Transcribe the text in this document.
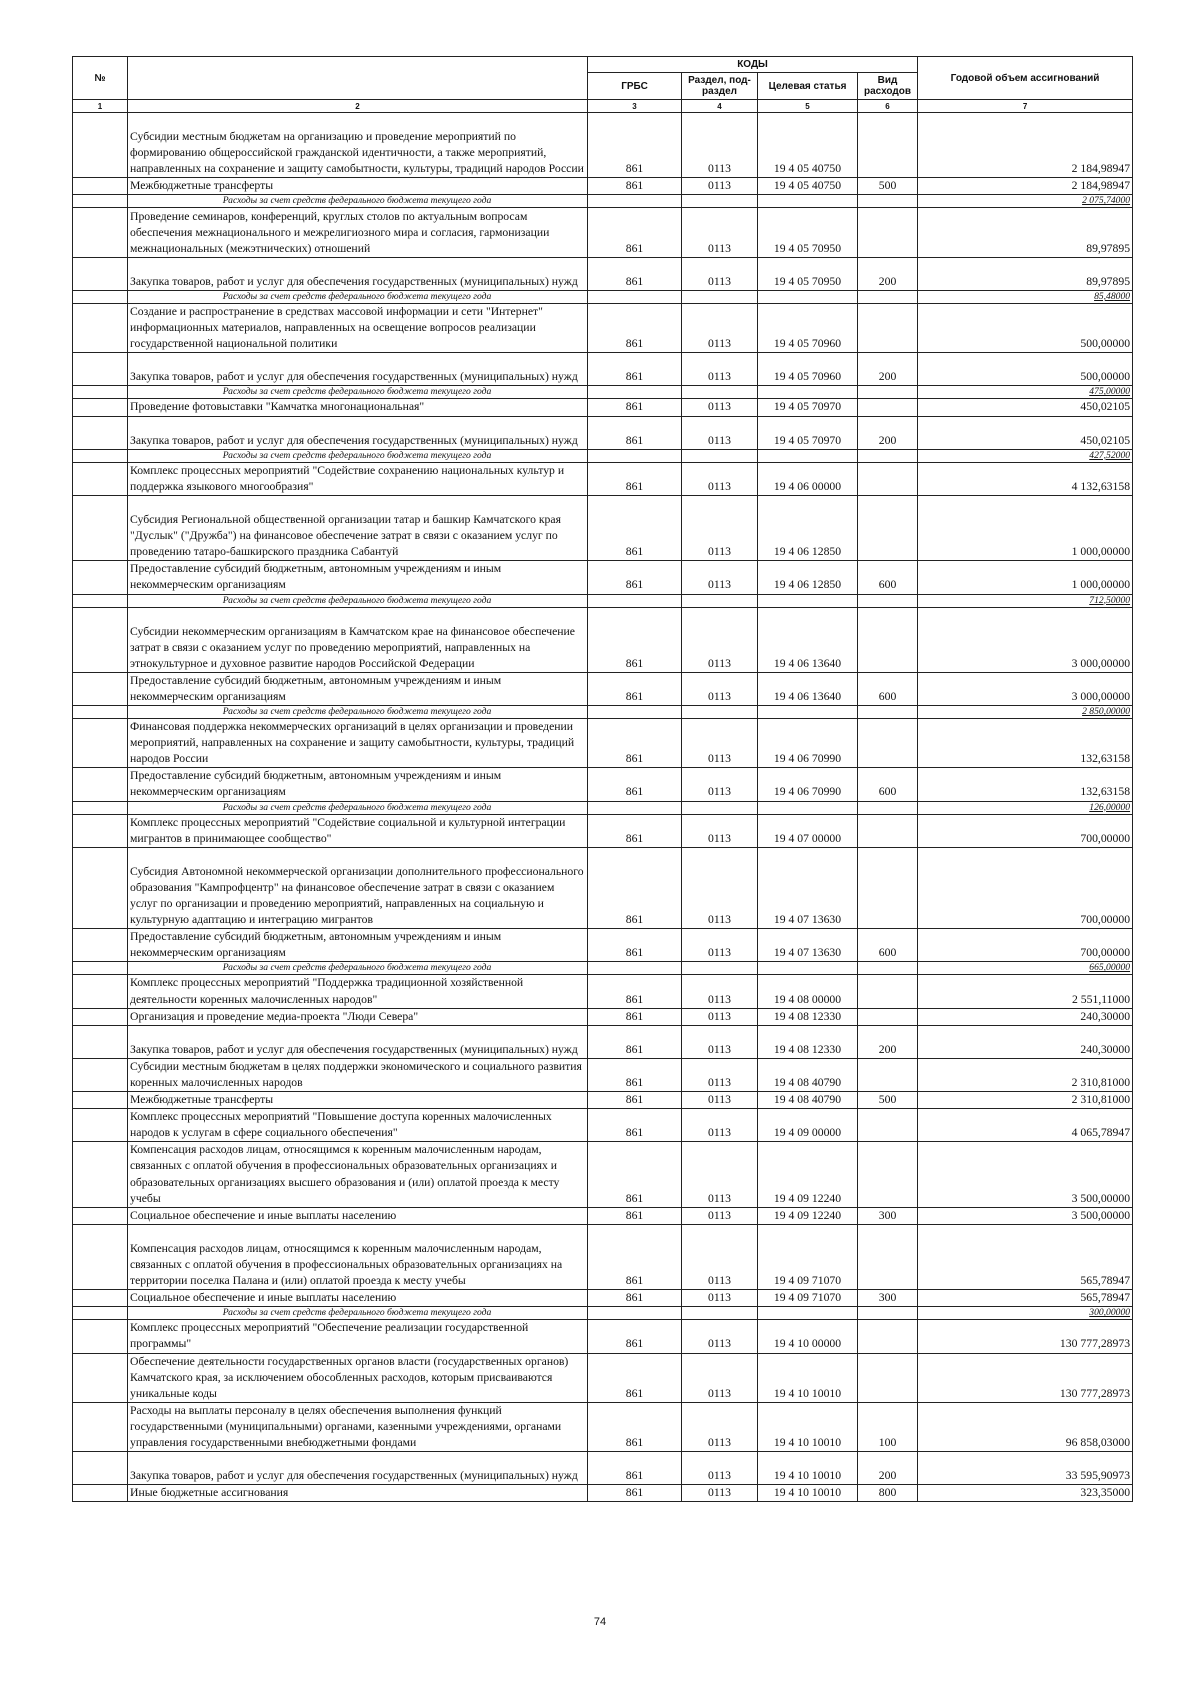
№		КОДЫ				Годовой объем ассигнований
		ГРБС	Раздел, под-раздел	Целевая статья	Вид расходов	
1	2	3	4	5	6	7
	Субсидии местным бюджетам на организацию и проведение мероприятий по формированию общероссийской гражданской идентичности, а также мероприятий, направленных на сохранение и защиту самобытности, культуры, традиций народов России	861	0113	19 4 05 40750		2 184,98947
	Межбюджетные трансферты	861	0113	19 4 05 40750	500	2 184,98947
	Расходы за счет средств федерального бюджета текущего года					2 075,74000
	Проведение семинаров, конференций, круглых столов по актуальным вопросам обеспечения межнационального и межрелигиозного мира и согласия, гармонизации межнациональных (межэтнических) отношений	861	0113	19 4 05 70950		89,97895
	Закупка товаров, работ и услуг для обеспечения государственных (муниципальных) нужд	861	0113	19 4 05 70950	200	89,97895
	Расходы за счет средств федерального бюджета текущего года					85,48000
	Создание и распространение в средствах массовой информации и сети "Интернет" информационных материалов, направленных на освещение вопросов реализации государственной национальной политики	861	0113	19 4 05 70960		500,00000
	Закупка товаров, работ и услуг для обеспечения государственных (муниципальных) нужд	861	0113	19 4 05 70960	200	500,00000
	Расходы за счет средств федерального бюджета текущего года					475,00000
	Проведение фотовыставки "Камчатка многонациональная"	861	0113	19 4 05 70970		450,02105
	Закупка товаров, работ и услуг для обеспечения государственных (муниципальных) нужд	861	0113	19 4 05 70970	200	450,02105
	Расходы за счет средств федерального бюджета текущего года					427,52000
	Комплекс процессных мероприятий "Содействие сохранению национальных культур и поддержка языкового многообразия"	861	0113	19 4 06 00000		4 132,63158
	Субсидия Региональной общественной организации татар и башкир Камчатского края "Дуслык" ("Дружба") на финансовое обеспечение затрат в связи с оказанием услуг по проведению татаро-башкирского праздника Сабантуй	861	0113	19 4 06 12850		1 000,00000
	Предоставление субсидий бюджетным, автономным учреждениям и иным некоммерческим организациям	861	0113	19 4 06 12850	600	1 000,00000
	Расходы за счет средств федерального бюджета текущего года					712,50000
	Субсидии некоммерческим организациям в Камчатском крае на финансовое обеспечение затрат в связи с оказанием услуг по проведению мероприятий, направленных на этнокультурное и духовное развитие народов Российской Федерации	861	0113	19 4 06 13640		3 000,00000
	Предоставление субсидий бюджетным, автономным учреждениям и иным некоммерческим организациям	861	0113	19 4 06 13640	600	3 000,00000
	Расходы за счет средств федерального бюджета текущего года					2 850,00000
	Финансовая поддержка некоммерческих организаций в целях организации и проведении мероприятий, направленных на сохранение и защиту самобытности, культуры, традиций народов России	861	0113	19 4 06 70990		132,63158
	Предоставление субсидий бюджетным, автономным учреждениям и иным некоммерческим организациям	861	0113	19 4 06 70990	600	132,63158
	Расходы за счет средств федерального бюджета текущего года					126,00000
	Комплекс процессных мероприятий "Содействие социальной и культурной интеграции мигрантов в принимающее сообщество"	861	0113	19 4 07 00000		700,00000
	Субсидия Автономной некоммерческой организации дополнительного профессионального образования "Кампрофцентр" на финансовое обеспечение затрат в связи с оказанием услуг по организации и проведению мероприятий, направленных на социальную и культурную адаптацию и интеграцию мигрантов	861	0113	19 4 07 13630		700,00000
	Предоставление субсидий бюджетным, автономным учреждениям и иным некоммерческим организациям	861	0113	19 4 07 13630	600	700,00000
	Расходы за счет средств федерального бюджета текущего года					665,00000
	Комплекс процессных мероприятий "Поддержка традиционной хозяйственной деятельности коренных малочисленных народов"	861	0113	19 4 08 00000		2 551,11000
	Организация и проведение медиа-проекта "Люди Севера"	861	0113	19 4 08 12330		240,30000
	Закупка товаров, работ и услуг для обеспечения государственных (муниципальных) нужд	861	0113	19 4 08 12330	200	240,30000
	Субсидии местным бюджетам в целях поддержки экономического и социального развития коренных малочисленных народов	861	0113	19 4 08 40790		2 310,81000
	Межбюджетные трансферты	861	0113	19 4 08 40790	500	2 310,81000
	Комплекс процессных мероприятий "Повышение доступа коренных малочисленных народов к услугам в сфере социального обеспечения"	861	0113	19 4 09 00000		4 065,78947
	Компенсация расходов лицам, относящимся к коренным малочисленным народам, связанных с оплатой обучения в профессиональных образовательных организациях и образовательных организациях высшего образования и (или) оплатой проезда к месту учебы	861	0113	19 4 09 12240		3 500,00000
	Социальное обеспечение и иные выплаты населению	861	0113	19 4 09 12240	300	3 500,00000
	Компенсация расходов лицам, относящимся к коренным малочисленным народам, связанных с оплатой обучения в профессиональных образовательных организациях на территории поселка Палана и (или) оплатой проезда к месту учебы	861	0113	19 4 09 71070		565,78947
	Социальное обеспечение и иные выплаты населению	861	0113	19 4 09 71070	300	565,78947
	Расходы за счет средств федерального бюджета текущего года					300,00000
	Комплекс процессных мероприятий "Обеспечение реализации государственной программы"	861	0113	19 4 10 00000		130 777,28973
	Обеспечение деятельности государственных органов власти (государственных органов) Камчатского края, за исключением обособленных расходов, которым присваиваются уникальные коды	861	0113	19 4 10 10010		130 777,28973
	Расходы на выплаты персоналу в целях обеспечения выполнения функций государственными (муниципальными) органами, казенными учреждениями, органами управления государственными внебюджетными фондами	861	0113	19 4 10 10010	100	96 858,03000
	Закупка товаров, работ и услуг для обеспечения государственных (муниципальных) нужд	861	0113	19 4 10 10010	200	33 595,90973
	Иные бюджетные ассигнования	861	0113	19 4 10 10010	800	323,35000
74
